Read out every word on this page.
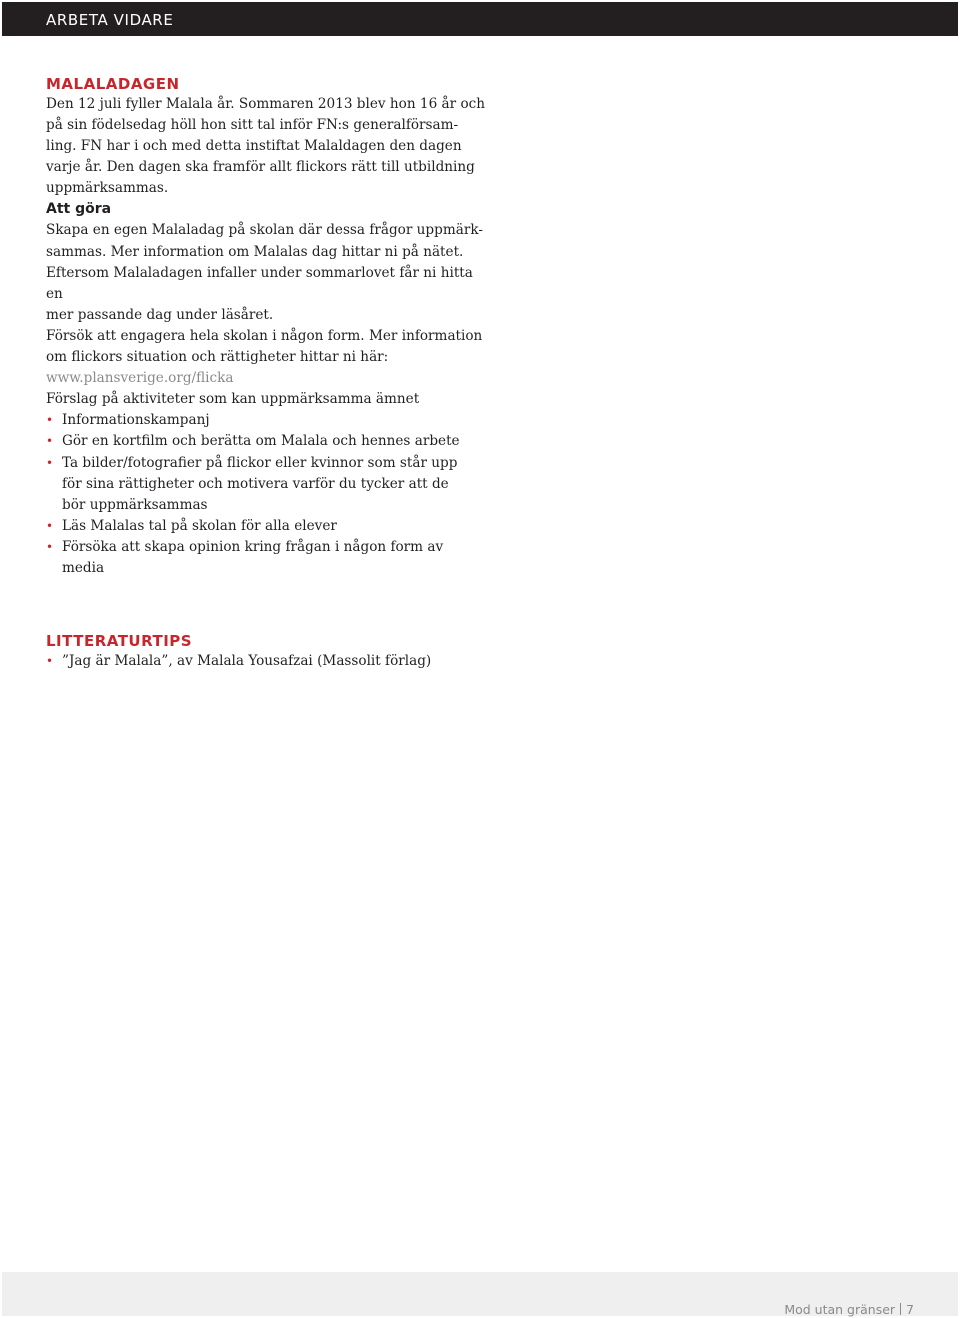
ARBETA VIDARE
MALALADAGEN

Den 12 juli fyller Malala år. Sommaren 2013 blev hon 16 år och

på sin födelsedag höll hon sitt tal inför FN:s generalförsam-

ling. FN har i och med detta instiftat Malaldagen den dagen

varje år. Den dagen ska framför allt flickors rätt till utbildning

uppmärksammas.

Att göra

Skapa en egen Malaladag på skolan där dessa frågor uppmärk-

sammas. Mer information om Malalas dag hittar ni på nätet.

Eftersom Malaladagen infaller under sommarlovet får ni hitta en

mer passande dag under läsåret.

Försök att engagera hela skolan i någon form. Mer information

om flickors situation och rättigheter hittar ni här:

www.plansverige.org/flicka

Förslag på aktiviteter som kan uppmärksamma ämnet

• Informationskampanj
• Gör en kortfilm och berätta om Malala och hennes arbete
• Ta bilder/fotografier på flickor eller kvinnor som står upp
för sina rättigheter och motivera varför du tycker att de
bör uppmärksammas
• Läs Malalas tal på skolan för alla elever
• Försöka att skapa opinion kring frågan i någon form av media
LITTERATURTIPS
• ”Jag är Malala”, av Malala Yousafzai (Massolit förlag)
Mod utan gränser 7
